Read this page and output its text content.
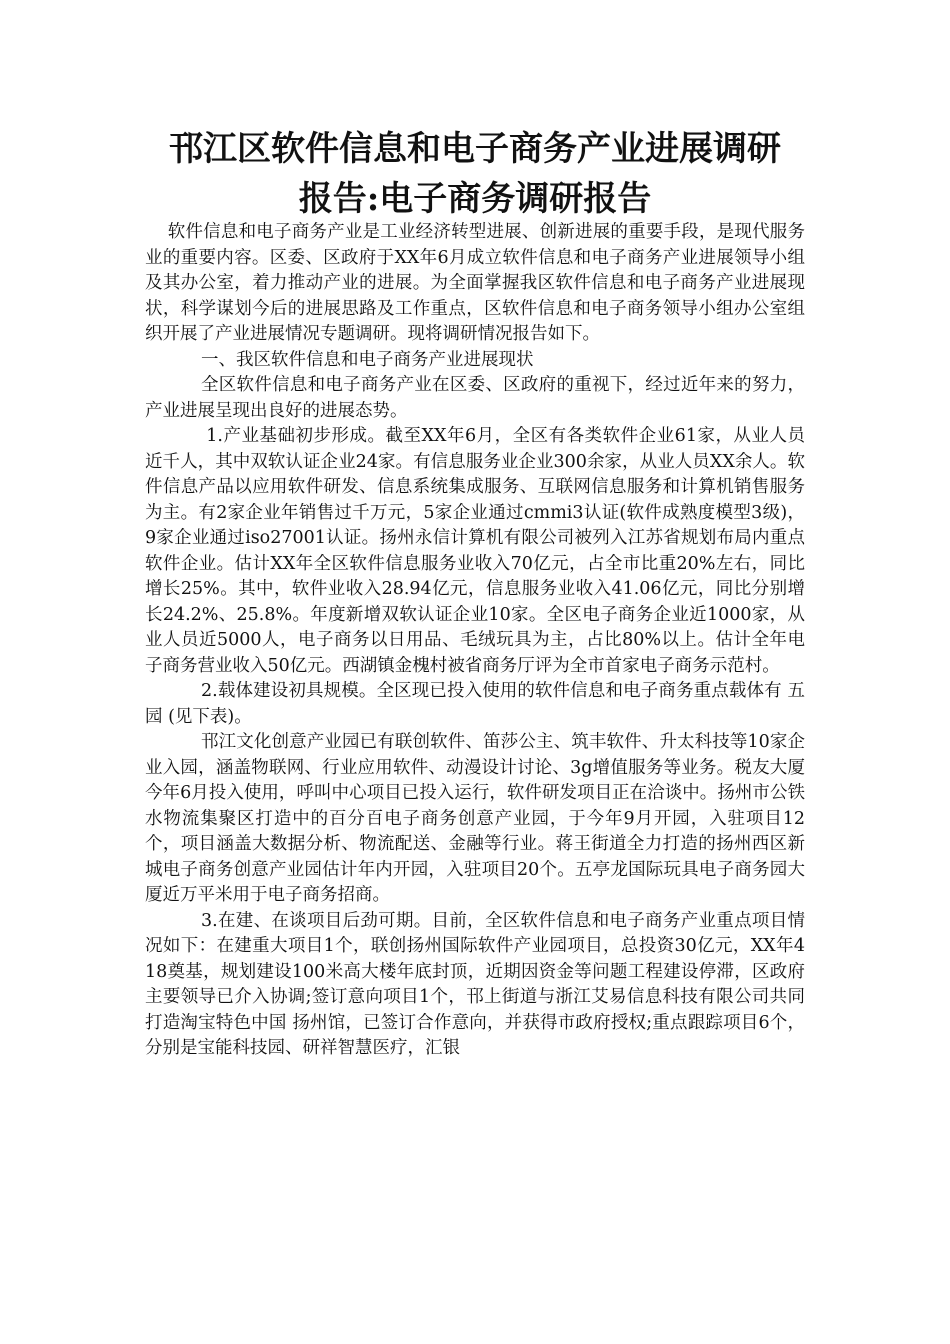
邗江区软件信息和电子商务产业进展调研
报告:电子商务调研报告

软件信息和电子商务产业是工业经济转型进展、创新进展的重要手段，是现代服务业的重要内容。区委、区政府于XX年6月成立软件信息和电子商务产业进展领导小组及其办公室，着力推动产业的进展。为全面掌握我区软件信息和电子商务产业进展现状，科学谋划今后的进展思路及工作重点，区软件信息和电子商务领导小组办公室组织开展了产业进展情况专题调研。现将调研情况报告如下。

一、我区软件信息和电子商务产业进展现状

全区软件信息和电子商务产业在区委、区政府的重视下，经过近年来的努力，产业进展呈现出良好的进展态势。

1.产业基础初步形成。截至XX年6月，全区有各类软件企业61家，从业人员近千人，其中双软认证企业24家。有信息服务业企业300余家，从业人员XX余人。软件信息产品以应用软件研发、信息系统集成服务、互联网信息服务和计算机销售服务为主。有2家企业年销售过千万元，5家企业通过cmmi3认证(软件成熟度模型3级)，9家企业通过iso27001认证。扬州永信计算机有限公司被列入江苏省规划布局内重点软件企业。估计XX年全区软件信息服务业收入70亿元，占全市比重20%左右，同比增长25%。其中，软件业收入28.94亿元，信息服务业收入41.06亿元，同比分别增长24.2%、25.8%。年度新增双软认证企业10家。全区电子商务企业近1000家，从业人员近5000人，电子商务以日用品、毛绒玩具为主，占比80%以上。估计全年电子商务营业收入50亿元。西湖镇金槐村被省商务厅评为全市首家电子商务示范村。

2.载体建设初具规模。全区现已投入使用的软件信息和电子商务重点载体有 五园 (见下表)。

邗江文化创意产业园已有联创软件、笛莎公主、筑丰软件、升太科技等10家企业入园，涵盖物联网、行业应用软件、动漫设计讨论、3g增值服务等业务。税友大厦今年6月投入使用，呼叫中心项目已投入运行，软件研发项目正在洽谈中。扬州市公铁水物流集聚区打造中的百分百电子商务创意产业园，于今年9月开园，入驻项目12个，项目涵盖大数据分析、物流配送、金融等行业。蒋王街道全力打造的扬州西区新城电子商务创意产业园估计年内开园，入驻项目20个。五亭龙国际玩具电子商务园大厦近万平米用于电子商务招商。

3.在建、在谈项目后劲可期。目前，全区软件信息和电子商务产业重点项目情况如下：在建重大项目1个，联创扬州国际软件产业园项目，总投资30亿元，XX年4 18奠基，规划建设100米高大楼年底封顶，近期因资金等问题工程建设停滞，区政府主要领导已介入协调;签订意向项目1个，邗上街道与浙江艾易信息科技有限公司共同打造淘宝特色中国 扬州馆，已签订合作意向，并获得市政府授权;重点跟踪项目6个，分别是宝能科技园、研祥智慧医疗，汇银
